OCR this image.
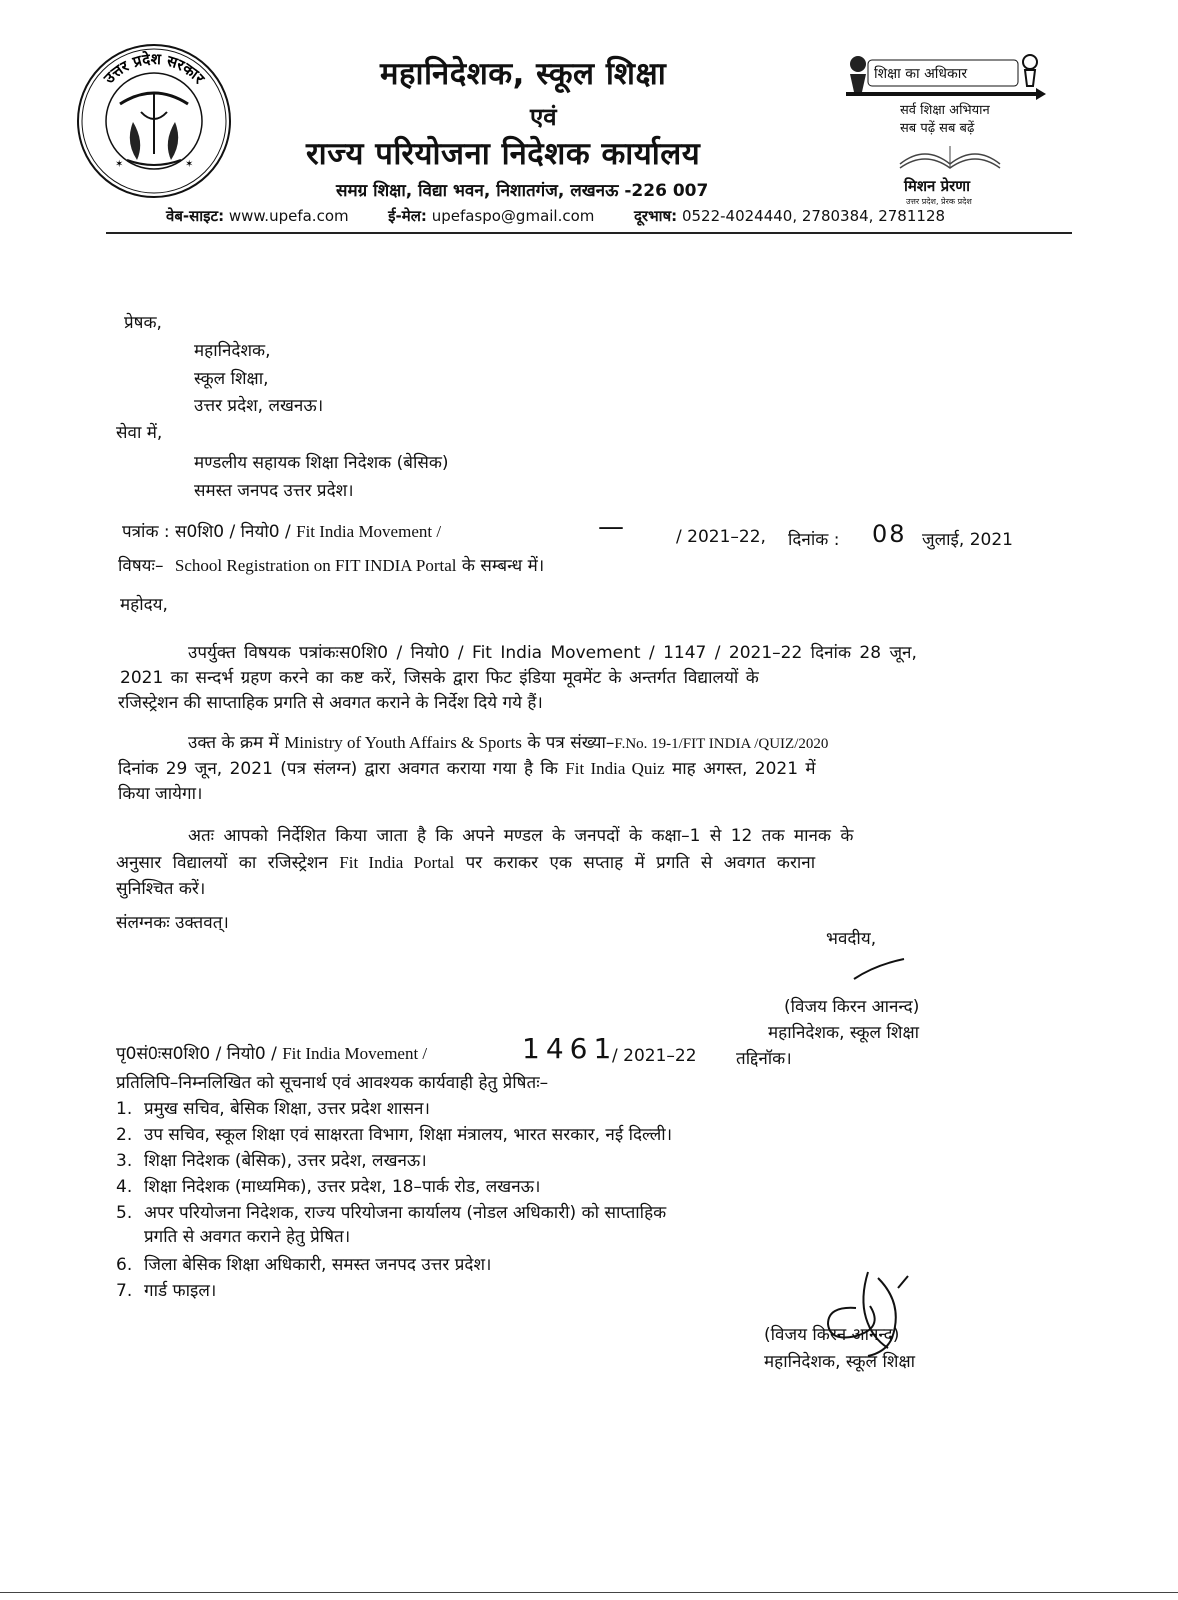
उत्तर प्रदेश सरकार
✶	✶
महानिदेशक, स्कूल शिक्षा
एवं
राज्य परियोजना निदेशक कार्यालय
समग्र शिक्षा, विद्या भवन, निशातगंज, लखनऊ -226 007
वेब-साइट: www.upefa.com	ई-मेल: upefaspo@gmail.com	दूरभाष: 0522-4024440, 2780384, 2781128
शिक्षा का अधिकार
सर्व शिक्षा अभियान
सब पढ़ें सब बढ़ें
मिशन प्रेरणा
उत्तर प्रदेश, प्रेरक प्रदेश
प्रेषक,
महानिदेशक,
स्कूल शिक्षा,
उत्तर प्रदेश, लखनऊ।
सेवा में,
मण्डलीय सहायक शिक्षा निदेशक (बेसिक)
समस्त जनपद उत्तर प्रदेश।
पत्रांक : स0शि0 / नियो0 / Fit India Movement /	—	/ 2021–22, दिनांक : 08 जुलाई, 2021
विषयः– School Registration on FIT INDIA Portal के सम्बन्ध में।
महोदय,
उपर्युक्त विषयक पत्रांकःस0शि0 / नियो0 / Fit India Movement / 1147 / 2021–22 दिनांक 28 जून,
2021 का सन्दर्भ ग्रहण करने का कष्ट करें, जिसके द्वारा फिट इंडिया मूवमेंट के अन्तर्गत विद्यालयों के
रजिस्ट्रेशन की साप्ताहिक प्रगति से अवगत कराने के निर्देश दिये गये हैं।
उक्त के क्रम में Ministry of Youth Affairs & Sports के पत्र संख्या–F.No. 19-1/FIT INDIA /QUIZ/2020
दिनांक 29 जून, 2021 (पत्र संलग्न) द्वारा अवगत कराया गया है कि Fit India Quiz माह अगस्त, 2021 में
किया जायेगा।
अतः आपको निर्देशित किया जाता है कि अपने मण्डल के जनपदों के कक्षा–1 से 12 तक मानक के
अनुसार विद्यालयों का रजिस्ट्रेशन Fit India Portal पर कराकर एक सप्ताह में प्रगति से अवगत कराना
सुनिश्चित करें।
संलग्नकः उक्तवत्।
भवदीय,
(विजय किरन आनन्द)
महानिदेशक, स्कूल शिक्षा
पृ0सं0ःस0शि0 / नियो0 / Fit India Movement /	1461
/ 2021–22 तद्दिनॉक।
प्रतिलिपि–निम्नलिखित को सूचनार्थ एवं आवश्यक कार्यवाही हेतु प्रेषितः–
1. प्रमुख सचिव, बेसिक शिक्षा, उत्तर प्रदेश शासन।
2. उप सचिव, स्कूल शिक्षा एवं साक्षरता विभाग, शिक्षा मंत्रालय, भारत सरकार, नई दिल्ली।
3. शिक्षा निदेशक (बेसिक), उत्तर प्रदेश, लखनऊ।
4. शिक्षा निदेशक (माध्यमिक), उत्तर प्रदेश, 18–पार्क रोड, लखनऊ।
5. अपर परियोजना निदेशक, राज्य परियोजना कार्यालय (नोडल अधिकारी) को साप्ताहिक
प्रगति से अवगत कराने हेतु प्रेषित।
6. जिला बेसिक शिक्षा अधिकारी, समस्त जनपद उत्तर प्रदेश।
7. गार्ड फाइल।
(विजय किरन आनन्द)
महानिदेशक, स्कूल शिक्षा
